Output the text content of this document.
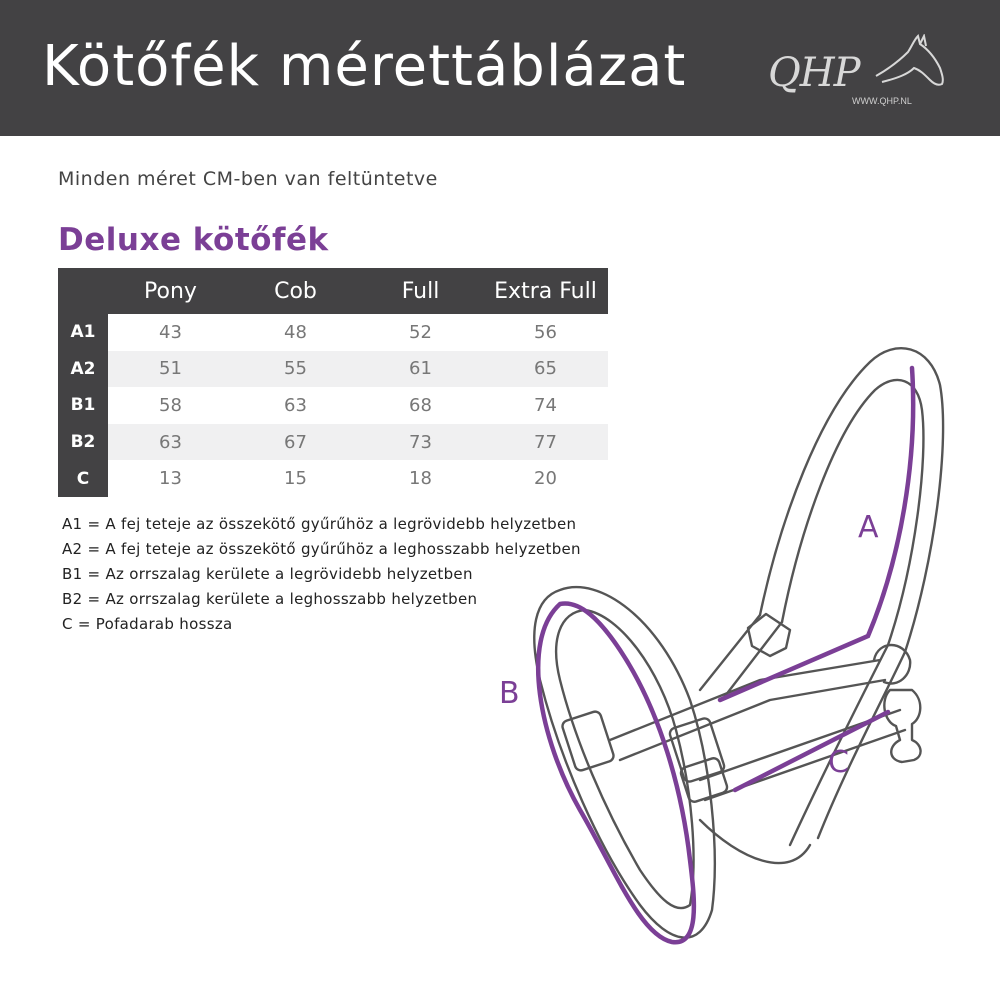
Kötőfék mérettáblázat QHP
WWW.QHP.NL
Minden méret CM-ben van feltüntetve
Deluxe kötőfék
	Pony	Cob	Full	Extra Full
A1	43	48	52	56
A2	51	55	61	65
B1	58	63	68	74
B2	63	67	73	77
C	13	15	18	20
A1 = A fej teteje az összekötő gyűrűhöz a legrövidebb helyzetben
A2 = A fej teteje az összekötő gyűrűhöz a leghosszabb helyzetben
B1 = Az orrszalag kerülete a legrövidebb helyzetben
B2 = Az orrszalag kerülete a leghosszabb helyzetben
C = Pofadarab hossza
A
B
C
